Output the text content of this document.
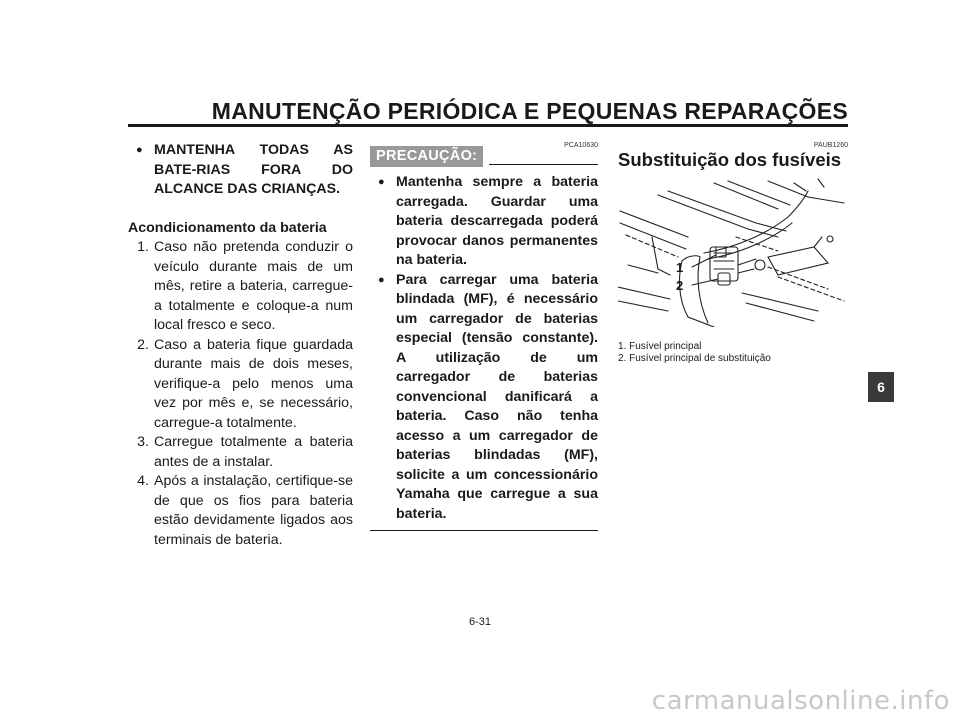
MANUTENÇÃO PERIÓDICA E PEQUENAS REPARAÇÕES
● MANTENHA TODAS AS BATE-RIAS FORA DO ALCANCE DAS CRIANÇAS.
Acondicionamento da bateria
1. Caso não pretenda conduzir o veículo durante mais de um mês, retire a bateria, carregue-a totalmente e coloque-a num local fresco e seco.
2. Caso a bateria fique guardada durante mais de dois meses, verifique-a pelo menos uma vez por mês e, se necessário, carregue-a totalmente.
3. Carregue totalmente a bateria antes de a instalar.
4. Após a instalação, certifique-se de que os fios para bateria estão devidamente ligados aos terminais de bateria.
PCA10630
PRECAUÇÃO:
● Mantenha sempre a bateria carregada. Guardar uma bateria descarregada poderá provocar danos permanentes na bateria.
● Para carregar uma bateria blindada (MF), é necessário um carregador de baterias especial (tensão constante). A utilização de um carregador de baterias convencional danificará a bateria. Caso não tenha acesso a um carregador de baterias blindadas (MF), solicite a um concessionário Yamaha que carregue a sua bateria.
PAUB1260
Substituição dos fusíveis
1
2
1. Fusível principal
2. Fusível principal de substituição
6
6-31
carmanualsonline.info
